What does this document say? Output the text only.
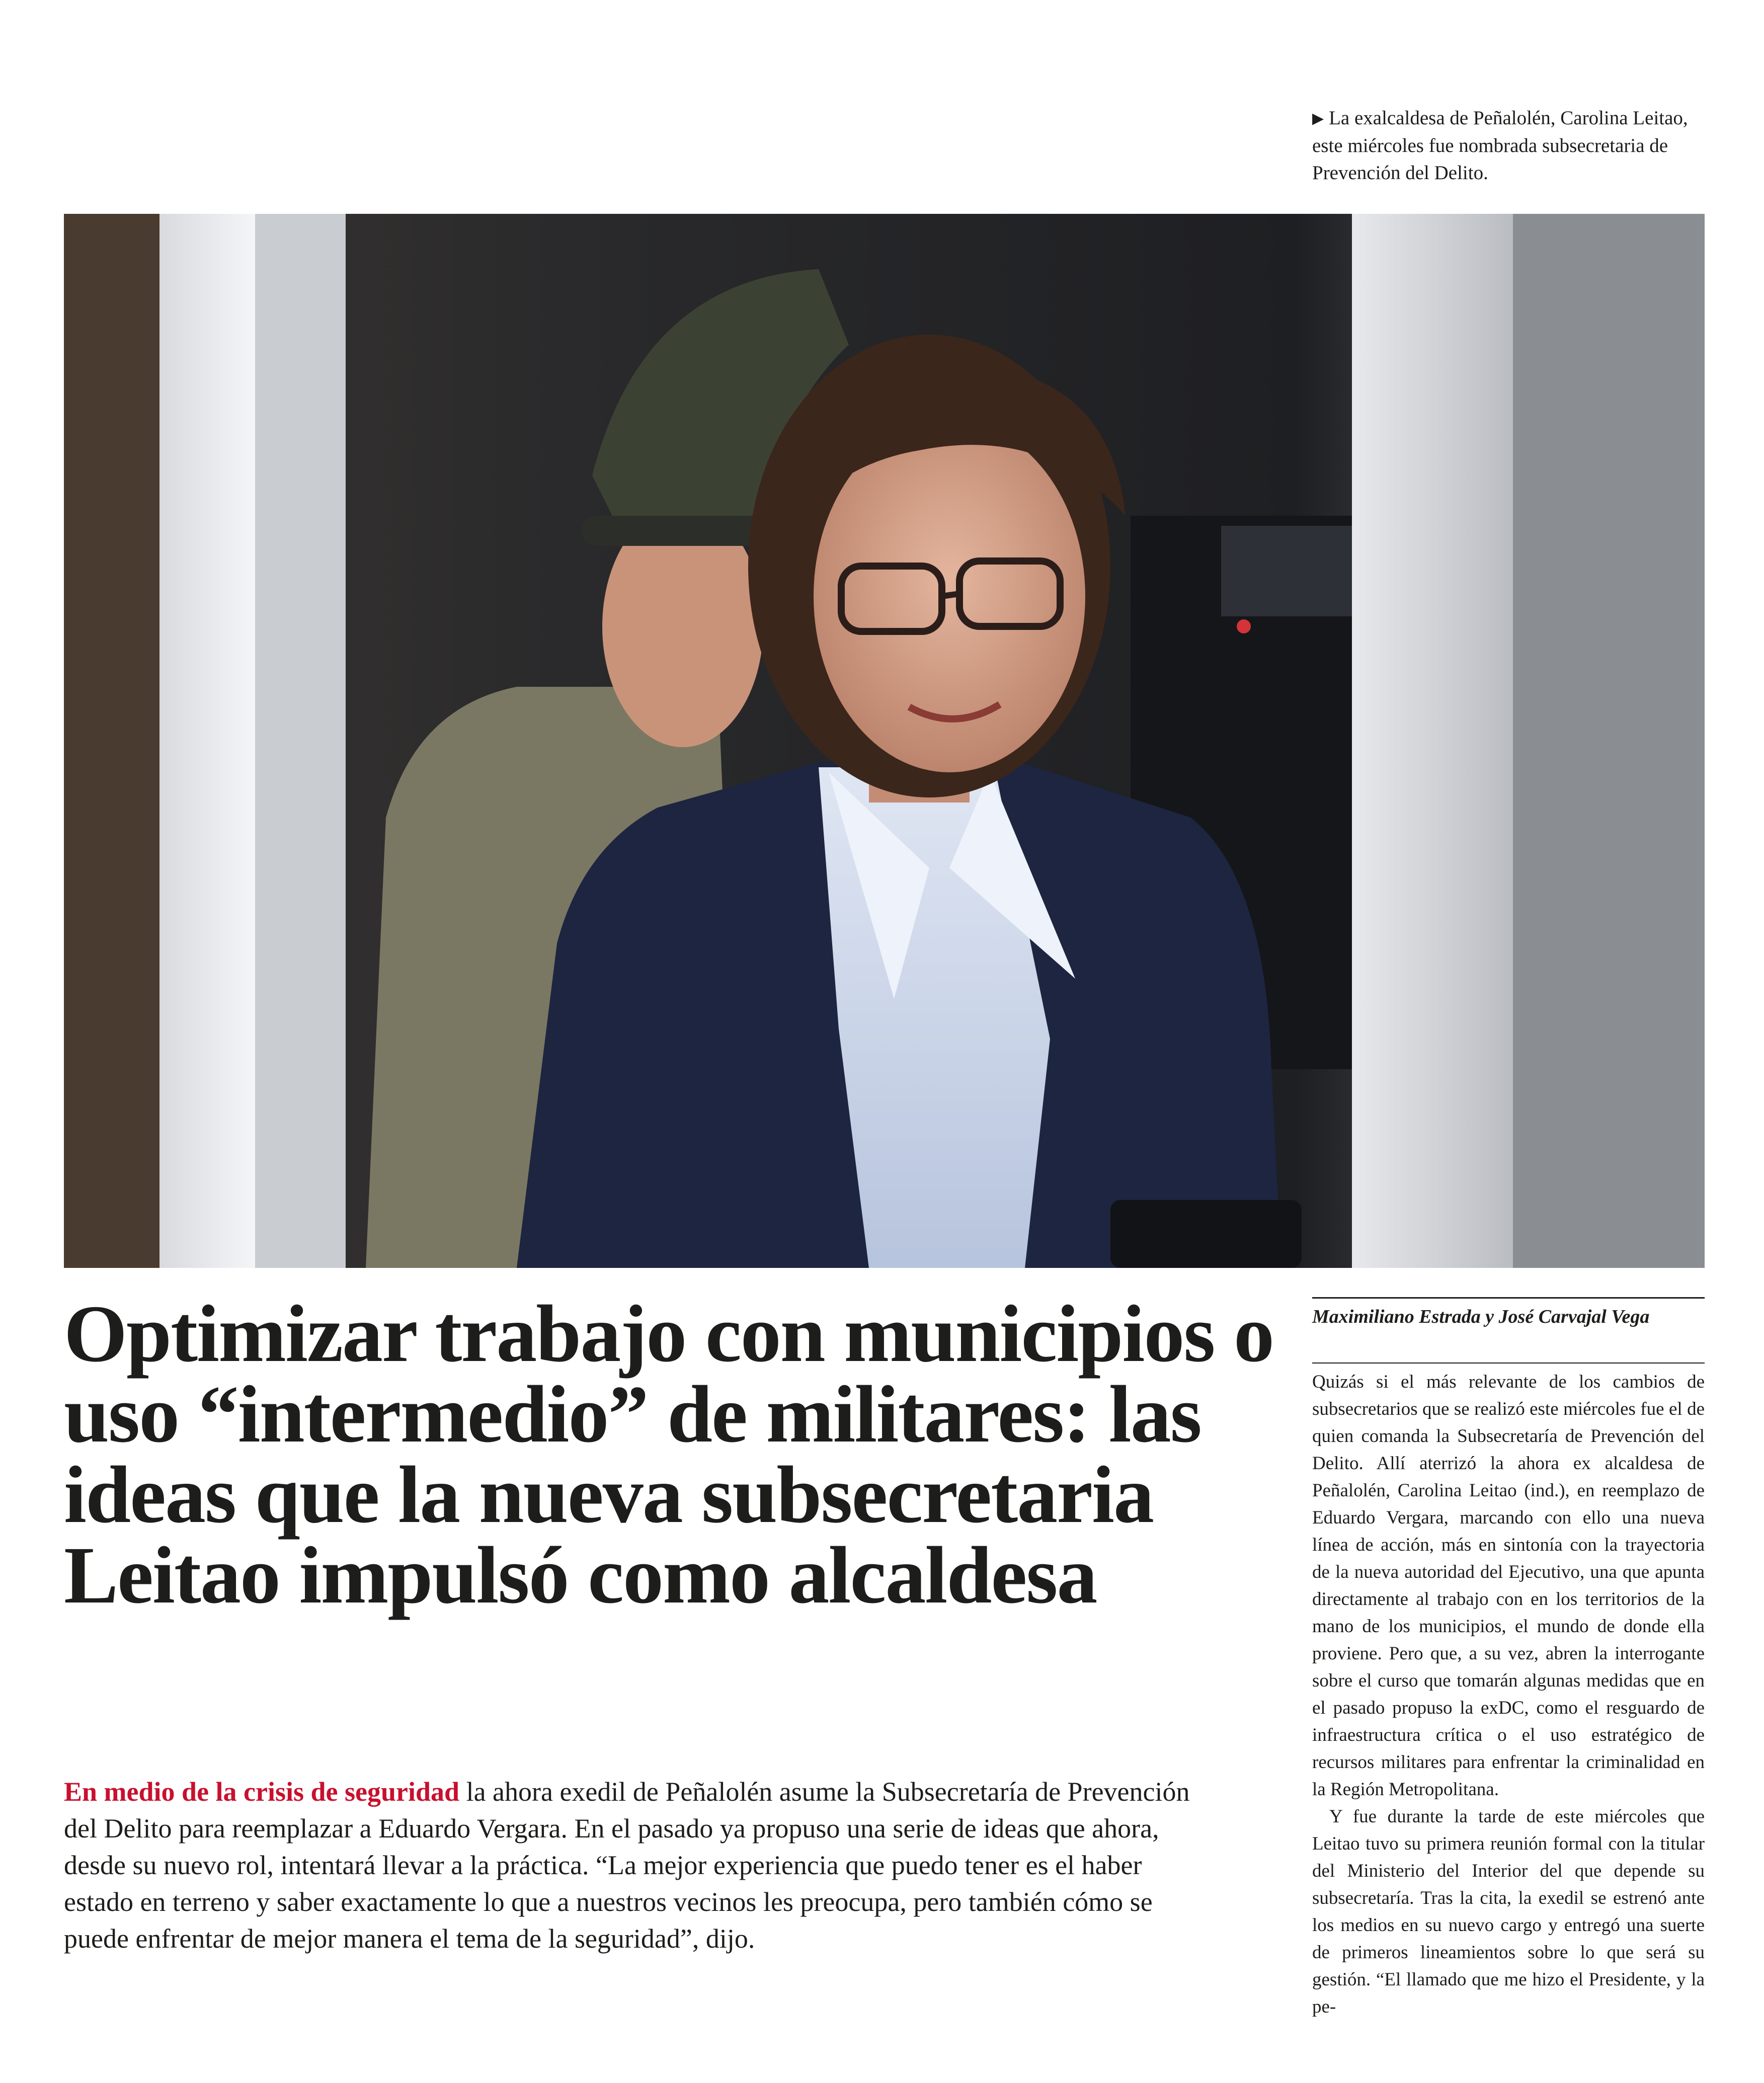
▶ La exalcaldesa de Peñalolén, Carolina Leitao, este miércoles fue nombrada subsecretaria de Prevención del Delito.
Optimizar trabajo con municipios o uso “intermedio” de militares: las ideas que la nueva subsecretaria Leitao impulsó como alcaldesa

En medio de la crisis de seguridad la ahora exedil de Peñalolén asume la Subsecretaría de Prevención del Delito para reemplazar a Eduardo Vergara. En el pasado ya propuso una serie de ideas que ahora, desde su nuevo rol, intentará llevar a la práctica. “La mejor experiencia que puedo tener es el haber estado en terreno y saber exactamente lo que a nuestros vecinos les preocupa, pero también cómo se puede enfrentar de mejor manera el tema de la seguridad”, dijo.

Maximiliano Estrada y José Carvajal Vega

Quizás si el más relevante de los cambios de subsecretarios que se realizó este miércoles fue el de quien comanda la Subsecretaría de Prevención del Delito. Allí aterrizó la ahora ex alcaldesa de Peñalolén, Carolina Leitao (ind.), en reemplazo de Eduardo Vergara, marcando con ello una nueva línea de acción, más en sintonía con la trayectoria de la nueva autoridad del Ejecutivo, una que apunta directamente al trabajo con en los territorios de la mano de los municipios, el mundo de donde ella proviene. Pero que, a su vez, abren la interrogante sobre el curso que tomarán algunas medidas que en el pasado propuso la exDC, como el resguardo de infraestructura crítica o el uso estratégico de recursos militares para enfrentar la criminalidad en la Región Metropolitana.

Y fue durante la tarde de este miércoles que Leitao tuvo su primera reunión formal con la titular del Ministerio del Interior del que depende su subsecretaría. Tras la cita, la exedil se estrenó ante los medios en su nuevo cargo y entregó una suerte de primeros lineamientos sobre lo que será su gestión. “El llamado que me hizo el Presidente, y la pe-
